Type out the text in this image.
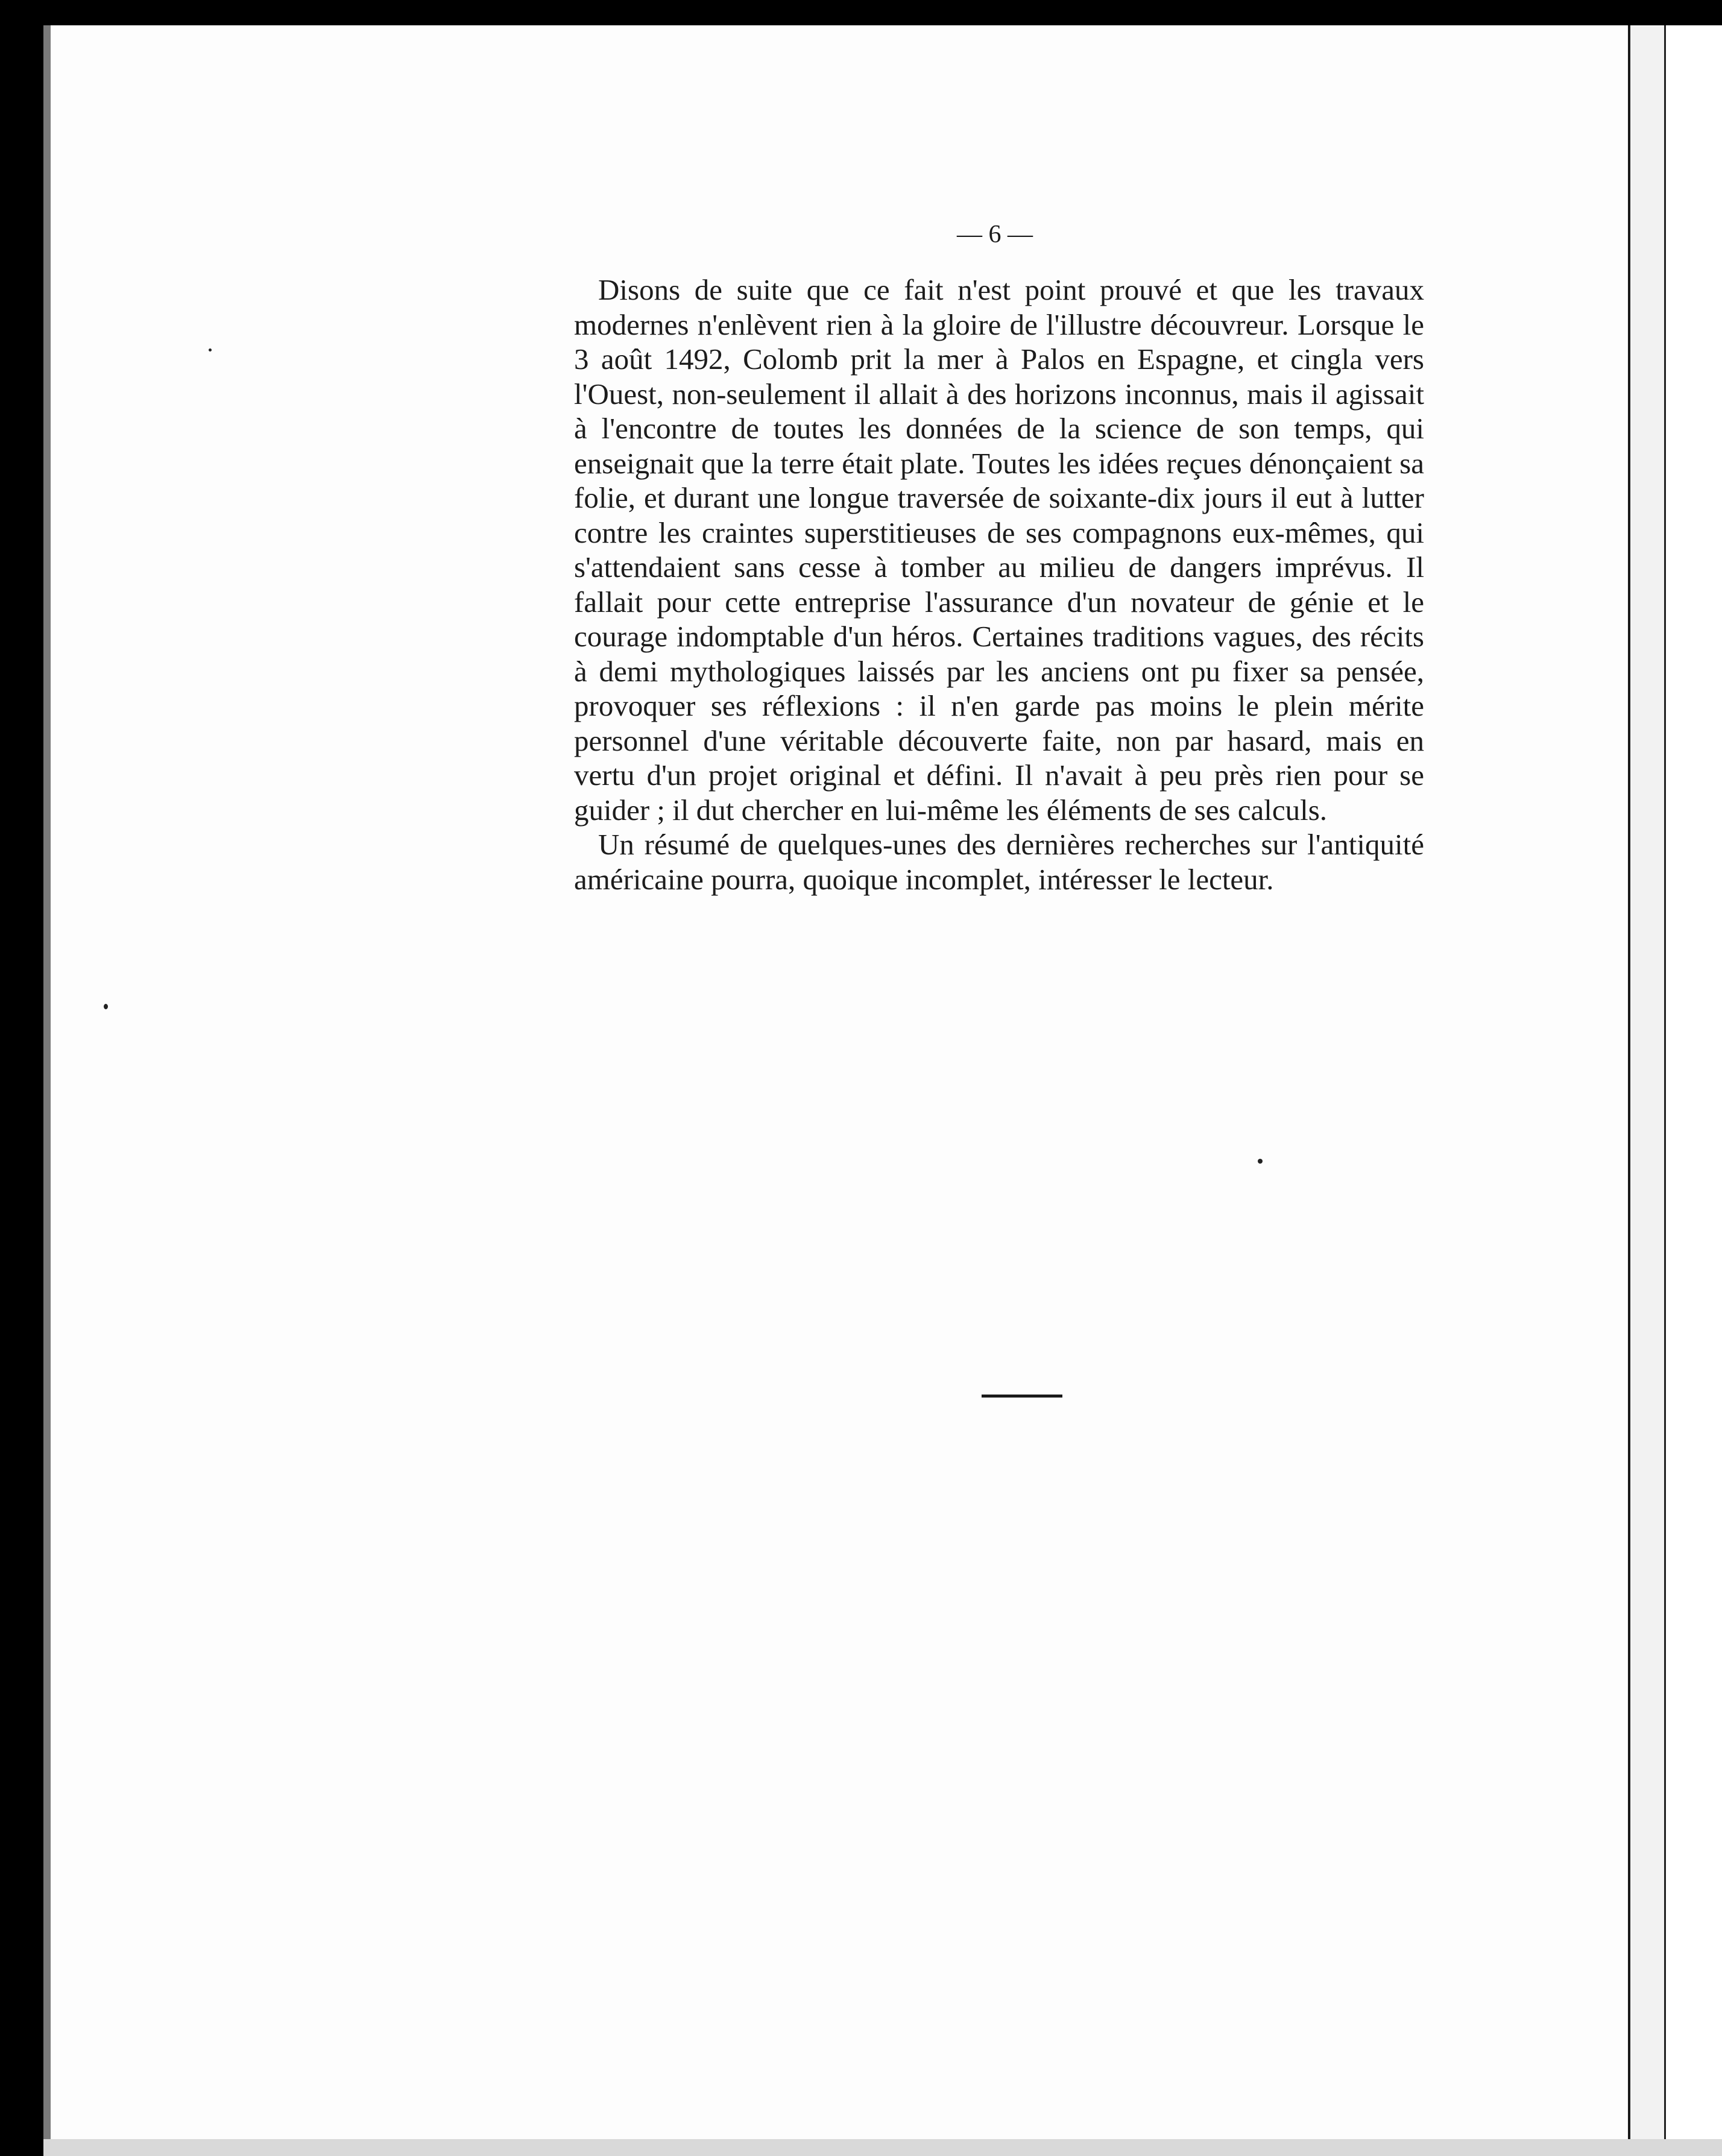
— 6 —

Disons de suite que ce fait n'est point prouvé et que les travaux modernes n'enlèvent rien à la gloire de l'illustre découvreur. Lorsque le 3 août 1492, Colomb prit la mer à Palos en Espagne, et cingla vers l'Ouest, non-seulement il allait à des horizons inconnus, mais il agissait à l'encontre de toutes les données de la science de son temps, qui enseignait que la terre était plate. Toutes les idées reçues dénonçaient sa folie, et durant une longue traversée de soixante-dix jours il eut à lutter contre les craintes superstitieuses de ses compagnons eux-mêmes, qui s'attendaient sans cesse à tomber au milieu de dangers imprévus. Il fallait pour cette entreprise l'assurance d'un novateur de génie et le courage indomptable d'un héros. Certaines traditions vagues, des récits à demi mythologiques laissés par les anciens ont pu fixer sa pensée, provoquer ses réflexions : il n'en garde pas moins le plein mérite personnel d'une véritable découverte faite, non par hasard, mais en vertu d'un projet original et défini. Il n'avait à peu près rien pour se guider ; il dut chercher en lui-même les éléments de ses calculs.

Un résumé de quelques-unes des dernières recherches sur l'antiquité américaine pourra, quoique incomplet, intéresser le lecteur.
